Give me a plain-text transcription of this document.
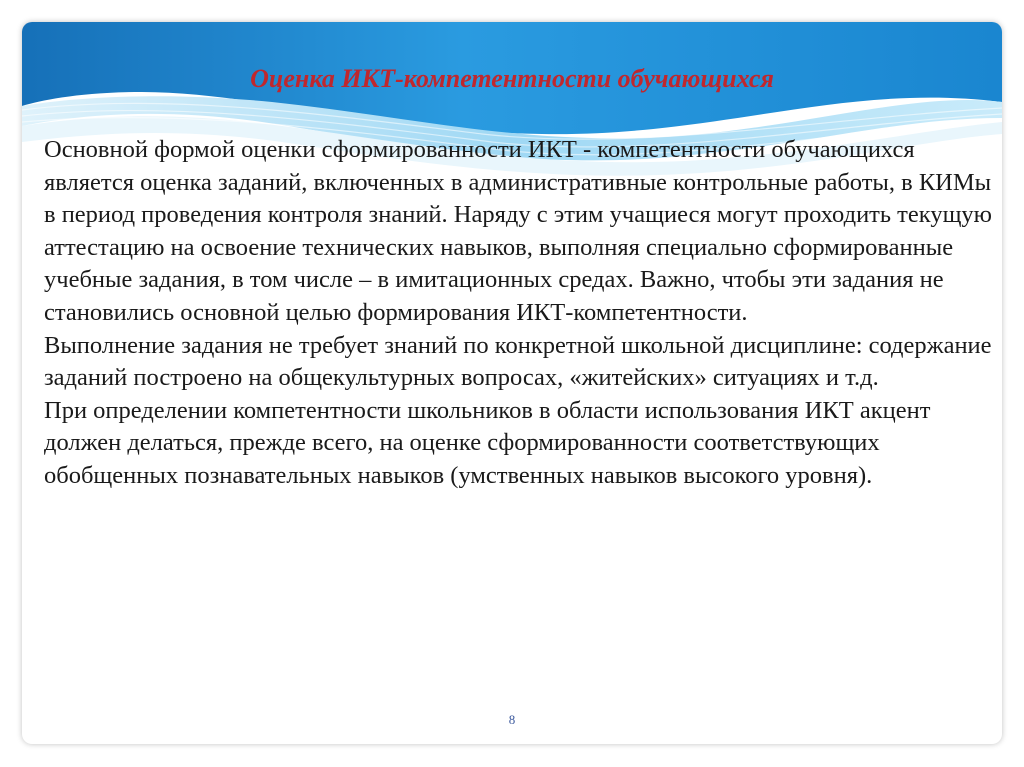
Оценка ИКТ-компетентности обучающихся

Основной формой оценки сформированности ИКТ - компетентности обучающихся является оценка заданий, включенных в административные контрольные работы, в КИМы в период проведения контроля знаний. Наряду с этим учащиеся могут проходить текущую аттестацию на освоение технических навыков, выполняя специально сформированные учебные задания, в том числе – в имитационных средах. Важно, чтобы эти задания не становились основной целью формирования ИКТ-компетентности.

Выполнение задания не требует знаний по конкретной школьной дисциплине: содержание заданий построено на общекультурных вопросах, «житейских» ситуациях и т.д.

При определении компетентности школьников в области использования ИКТ акцент должен делаться, прежде всего, на оценке сформированности соответствующих обобщенных познавательных навыков (умственных навыков высокого уровня).

8
